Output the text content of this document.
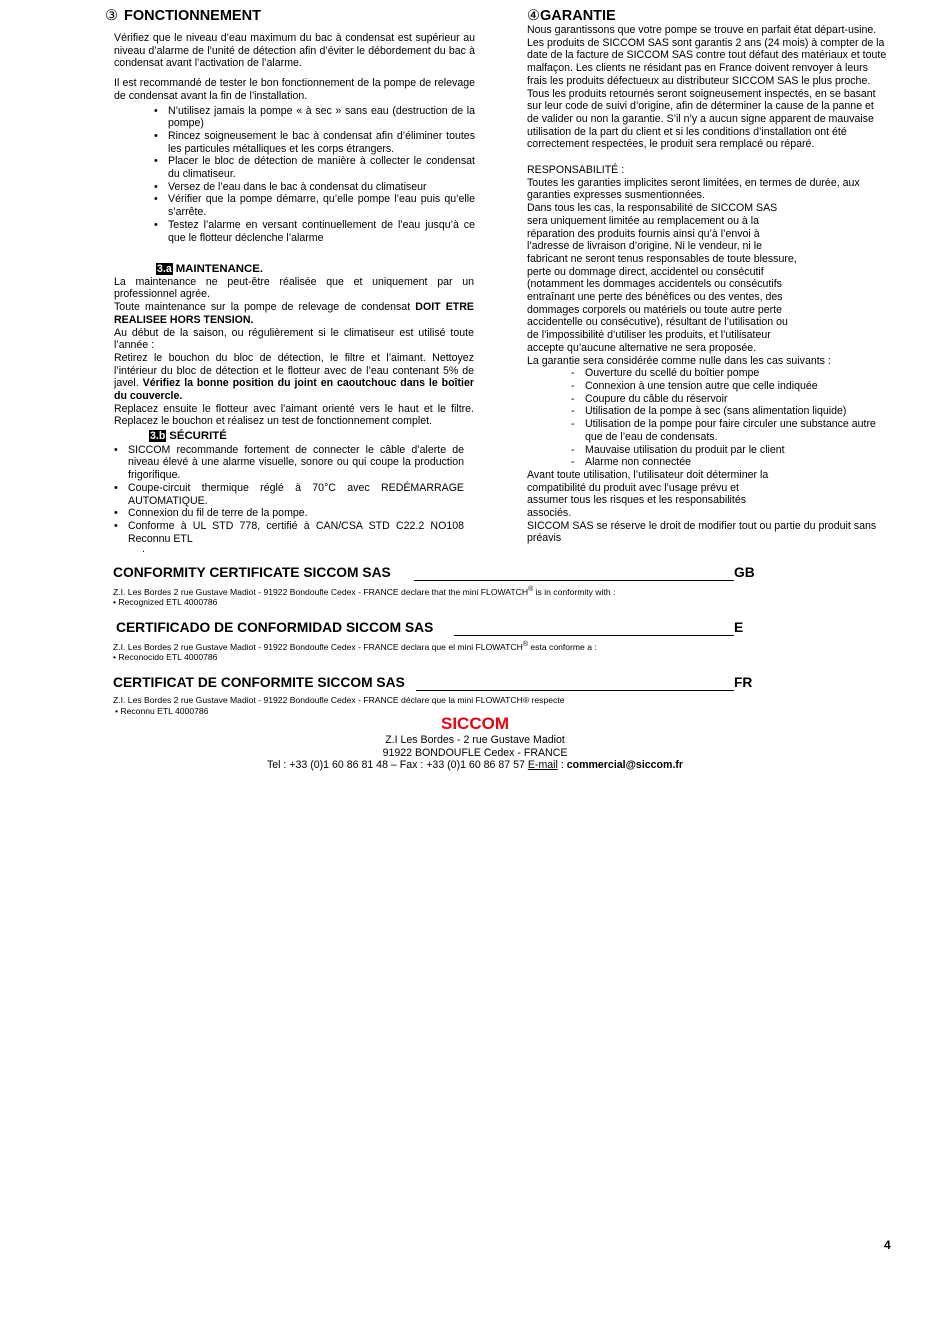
③ FONCTIONNEMENT

Vérifiez que le niveau d’eau maximum du bac à condensat est supérieur au niveau d’alarme de l’unité de détection afin d’éviter le débordement du bac à condensat avant l’activation de l’alarme.

Il est recommandé de tester le bon fonctionnement de la pompe de relevage de condensat avant la fin de l’installation.

• N’utilisez jamais la pompe « à sec » sans eau (destruction de la pompe)
• Rincez soigneusement le bac à condensat afin d’éliminer toutes les particules métalliques et les corps étrangers.
• Placer le bloc de détection de manière à collecter le condensat du climatiseur.
• Versez de l’eau dans le bac à condensat du climatiseur
• Vérifier que la pompe démarre, qu’elle pompe l’eau puis qu’elle s’arrête.
• Testez l’alarme en versant continuellement de l’eau jusqu’à ce que le flotteur déclenche l’alarme
3.a MAINTENANCE.

La maintenance ne peut-être réalisée que et uniquement par un professionnel agrée.

Toute maintenance sur la pompe de relevage de condensat DOIT ETRE REALISEE HORS TENSION.

Au début de la saison, ou régulièrement si le climatiseur est utilisé toute l’année :

Retirez le bouchon du bloc de détection, le filtre et l’aimant. Nettoyez l’intérieur du bloc de détection et le flotteur avec de l’eau contenant 5% de javel. Vérifiez la bonne position du joint en caoutchouc dans le boîtier du couvercle.

Replacez ensuite le flotteur avec l’aimant orienté vers le haut et le filtre. Replacez le bouchon et réalisez un test de fonctionnement complet.

3.b SÉCURITÉ
• SICCOM recommande fortement de connecter le câble d’alerte de niveau élevé à une alarme visuelle, sonore ou qui coupe la production frigorifique.
• Coupe-circuit thermique réglé à 70°C avec REDÉMARRAGE AUTOMATIQUE.
• Connexion du fil de terre de la pompe.
• Conforme à UL STD 778, certifié à CAN/CSA STD C22.2 NO108 Reconnu ETL
.
④GARANTIE

Nous garantissons que votre pompe se trouve en parfait état départ-usine. Les produits de SICCOM SAS sont garantis 2 ans (24 mois) à compter de la date de la facture de SICCOM SAS contre tout défaut des matériaux et toute malfaçon. Les clients ne résidant pas en France doivent renvoyer à leurs frais les produits défectueux au distributeur SICCOM SAS le plus proche. Tous les produits retournés seront soigneusement inspectés, en se basant sur leur code de suivi d’origine, afin de déterminer la cause de la panne et de valider ou non la garantie. S’il n’y a aucun signe apparent de mauvaise utilisation de la part du client et si les conditions d’installation ont été correctement respectées, le produit sera remplacé ou réparé.

RESPONSABILITÉ :

Toutes les garanties implicites seront limitées, en termes de durée, aux garanties expresses susmentionnées.

Dans tous les cas, la responsabilité de SICCOM SAS sera uniquement limitée au remplacement ou à la réparation des produits fournis ainsi qu’à l’envoi à l’adresse de livraison d’origine. Ni le vendeur, ni le fabricant ne seront tenus responsables de toute blessure, perte ou dommage direct, accidentel ou consécutif (notamment les dommages accidentels ou consécutifs entraînant une perte des bénéfices ou des ventes, des dommages corporels ou matériels ou toute autre perte accidentelle ou consécutive), résultant de l’utilisation ou de l’impossibilité d’utiliser les produits, et l’utilisateur accepte qu’aucune alternative ne sera proposée.

La garantie sera considérée comme nulle dans les cas suivants :

- Ouverture du scellé du boîtier pompe
- Connexion à une tension autre que celle indiquée
- Coupure du câble du réservoir
- Utilisation de la pompe à sec (sans alimentation liquide)
- Utilisation de la pompe pour faire circuler une substance autre que de l’eau de condensats.
- Mauvaise utilisation du produit par le client
- Alarme non connectée

Avant toute utilisation, l’utilisateur doit déterminer la compatibilité du produit avec l’usage prévu et assumer tous les risques et les responsabilités associés.

SICCOM SAS se réserve le droit de modifier tout ou partie du produit sans préavis

CONFORMITY CERTIFICATE SICCOM SAS	GB
Z.I. Les Bordes 2 rue Gustave Madiot - 91922 Bondoufle Cedex - FRANCE declare that the mini FLOWATCH® is in conformity with :
• Recognized ETL 4000786
CERTIFICADO DE CONFORMIDAD SICCOM SAS	E
Z.I. Les Bordes 2 rue Gustave Madiot - 91922 Bondoufle Cedex - FRANCE declara que el mini FLOWATCH® esta conforme a :
• Reconocido ETL 4000786
CERTIFICAT DE CONFORMITE SICCOM SAS	FR
Z.I. Les Bordes 2 rue Gustave Madiot - 91922 Bondoufle Cedex - FRANCE déclare que la mini FLOWATCH® respecte
• Reconnu ETL 4000786
SICCOM
Z.I Les Bordes - 2 rue Gustave Madiot
91922 BONDOUFLE Cedex - FRANCE
Tel : +33 (0)1 60 86 81 48 – Fax : +33 (0)1 60 86 87 57 E-mail : commercial@siccom.fr
4
